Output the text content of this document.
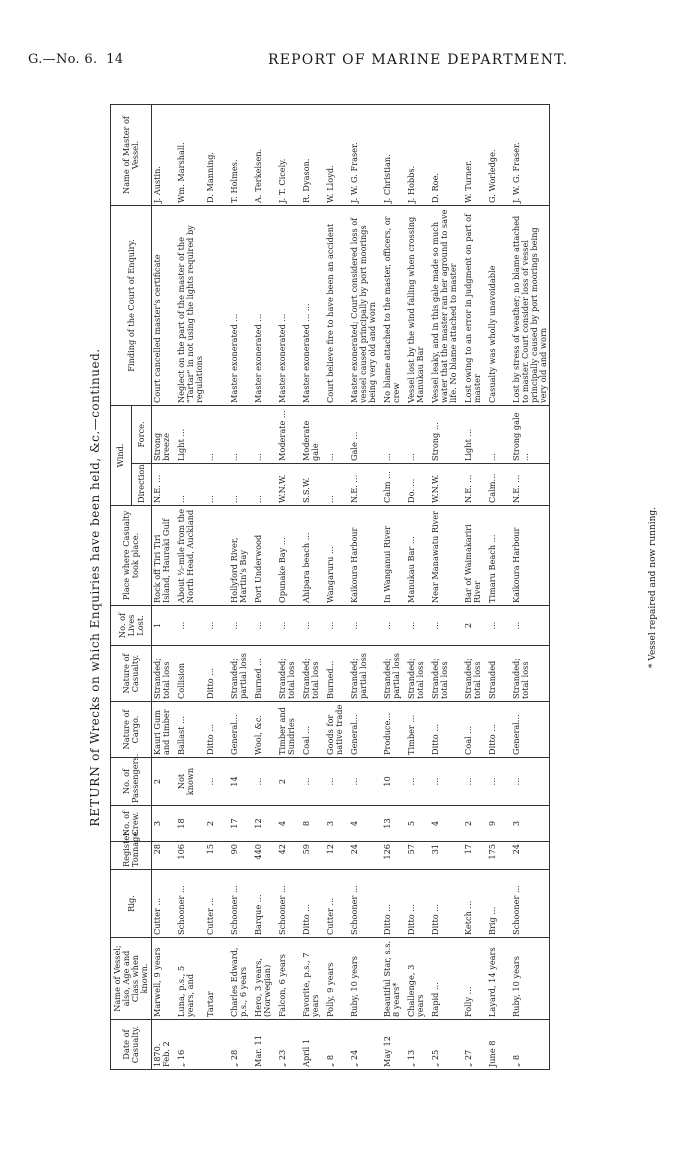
G.—No. 6. 14	REPORT OF MARINE DEPARTMENT.
RETURN of Wrecks on which Enquiries have been held, &c.—continued.
Date of Casualty.	Name of Vessel; also, Age and Class when known.	Rig.	Register Tonnage.	No. of Crew.	No. of Passengers.	Nature of Cargo.	Nature of Casualty.	No. of Lives Lost.	Place where Casualty took place.	Wind.		Finding of the Court of Enquiry.	Name of Master of Vessel.
										Direction	Force.		

1870. Feb. 2	Marwell, 9 years	Cutter ...	28	3	2	Kauri Gum and timber	Stranded; total loss	1	Rock off Tiri Tiri Island, Hauraki Gulf	N.E. ...	Strong breeze	Court cancelled master's certificate	J. Austin.
„ 16	Luna, p.s., 5 years, and	Schooner ...	106	18	Not known	Ballast ...	Collision	...	About ½-mile from the North Head, Auckland	...	Light ...	Neglect on the part of the master of the "Tartar" in not using the lights required by regulations	Wm. Marshall.
	Tartar	Cutter ...	15	2	...	Ditto ...	Ditto ...	...		...	...		D. Manning.
„ 28	Charles Edward, p.s., 6 years	Schooner ...	90	17	14	General...	Stranded; partial loss	...	Hollyford River, Martin's Bay	...	...	Master exonerated ...	T. Holmes.
Mar. 11	Hero, 3 years, (Norwegian)	Barque ...	440	12	...	Wool, &c.	Burned ...	...	Port Underwood	...	...	Master exonerated ...	A. Terkelsen.
„ 23	Falcon, 6 years	Schooner ...	42	4	2	Timber and Sundries	Stranded; total loss	...	Opunake Bay ...	W.N.W.	Moderate ...	Master exonerated ...	J. T. Cicely.
April 1	Favorite, p.s., 7 years	Ditto ...	59	8	...	Coal ...	Stranded; total loss	...	Ahipara beach ...	S.S.W.	Moderate gale	Master exonerated ... ...	R. Dyason.
„ 8	Polly, 9 years	Cutter ...	12	3	...	Goods for native trade	Burned...	...	Wangaruru ...	...	...	Court believe fire to have been an accident	W. Lloyd.
„ 24	Ruby, 10 years	Schooner ...	24	4	...	General...	Stranded; partial loss	...	Kaikoura Harbour	N.E. ...	Gale ...	Master exonerated; Court considered loss of vessel caused principally by port moorings being very old and worn	J. W. G. Fraser.

May 12	Beautiful Star, s.s. 8 years*	Ditto ...	126	13	10	Produce...	Stranded; partial loss	...	In Wanganui River	Calm ...	...	No blame attached to the master, officers, or crew	J. Christian.
„ 13	Challenge, 3 years	Ditto ...	57	5	...	Timber ...	Stranded; total loss	...	Manukau Bar ...	Do. ...	...	Vessel lost by the wind falling when crossing Manukau Bar	J. Hobbs.
„ 25	Rapid ...	Ditto ...	31	4	...	Ditto ...	Stranded; total loss	...	Near Manawatu River	W.N.W.	Strong ...	Vessel leaky, and in this gale made so much water that the master ran her aground to save life. No blame attached to master	D. Roe.

„ 27	Folly ...	Ketch ...	17	2	...	Coal ...	Stranded; total loss	2	Bar of Waimakariri River	N.E. ...	Light ...	Lost owing to an error in judgment on part of master	W. Turner.
June 8	Layard, 14 years	Brig ...	175	9	...	Ditto ...	Stranded	...	Timaru Beach ...	Calm...	...	Casualty was wholly unavoidable	G. Worledge.
„ 8	Ruby, 10 years	Schooner ...	24	3	...	General...	Stranded; total loss	...	Kaikoura Harbour	N.E. ...	Strong gale ...	Lost by stress of weather; no blame attached to master. Court consider loss of vessel principally caused by port moorings being very old and worn	J. W. G. Fraser.
* Vessel repaired and now running.
